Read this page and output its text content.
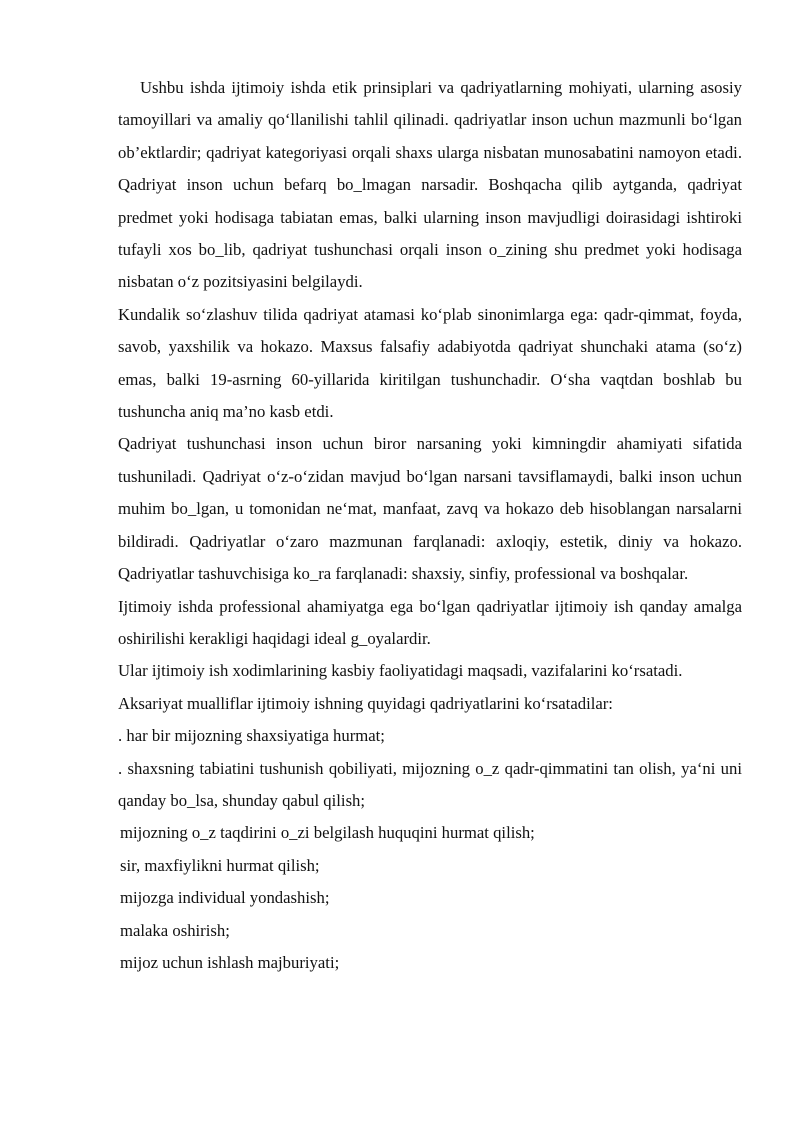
Ushbu ishda ijtimoiy ishda etik prinsiplari va qadriyatlarning mohiyati, ularning asosiy tamoyillari va amaliy qo‘llanilishi tahlil qilinadi. qadriyatlar inson uchun mazmunli bo‘lgan ob’ektlardir; qadriyat kategoriyasi orqali shaxs ularga nisbatan munosabatini namoyon etadi. Qadriyat inson uchun befarq bo_lmagan narsadir. Boshqacha qilib aytganda, qadriyat predmet yoki hodisaga tabiatan emas, balki ularning inson mavjudligi doirasidagi ishtiroki tufayli xos bo_lib, qadriyat tushunchasi orqali inson o_zining shu predmet yoki hodisaga nisbatan o‘z pozitsiyasini belgilaydi.

Kundalik so‘zlashuv tilida qadriyat atamasi ko‘plab sinonimlarga ega: qadr-qimmat, foyda, savob, yaxshilik va hokazo. Maxsus falsafiy adabiyotda qadriyat shunchaki atama (so‘z) emas, balki 19-asrning 60-yillarida kiritilgan tushunchadir. O‘sha vaqtdan boshlab bu tushuncha aniq ma’no kasb etdi.

Qadriyat tushunchasi inson uchun biror narsaning yoki kimningdir ahamiyati sifatida tushuniladi. Qadriyat o‘z-o‘zidan mavjud bo‘lgan narsani tavsiflamaydi, balki inson uchun muhim bo_lgan, u tomonidan ne‘mat, manfaat, zavq va hokazo deb hisoblangan narsalarni bildiradi. Qadriyatlar o‘zaro mazmunan farqlanadi: axloqiy, estetik, diniy va hokazo. Qadriyatlar tashuvchisiga ko_ra farqlanadi: shaxsiy, sinfiy, professional va boshqalar.

Ijtimoiy ishda professional ahamiyatga ega bo‘lgan qadriyatlar ijtimoiy ish qanday amalga oshirilishi kerakligi haqidagi ideal g_oyalardir.

Ular ijtimoiy ish xodimlarining kasbiy faoliyatidagi maqsadi, vazifalarini ko‘rsatadi.

Aksariyat mualliflar ijtimoiy ishning quyidagi qadriyatlarini ko‘rsatadilar:

. har bir mijozning shaxsiyatiga hurmat;

. shaxsning tabiatini tushunish qobiliyati, mijozning o_z qadr-qimmatini tan olish, ya‘ni uni qanday bo_lsa, shunday qabul qilish;

mijozning o_z taqdirini o_zi belgilash huquqini hurmat qilish;

sir, maxfiylikni hurmat qilish;

mijozga individual yondashish;

malaka oshirish;

mijoz uchun ishlash majburiyati;
